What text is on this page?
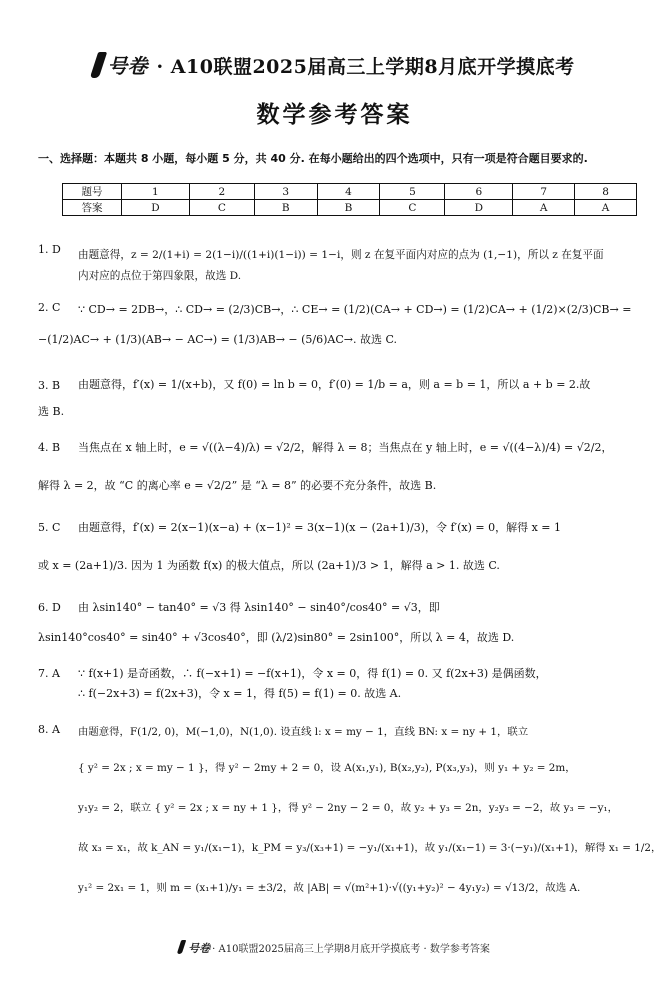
号卷 · A10联盟2025届高三上学期8月底开学摸底考
数学参考答案
一、选择题：本题共 8 小题，每小题 5 分，共 40 分. 在每小题给出的四个选项中，只有一项是符合题目要求的.
题号	1	2	3	4	5	6	7	8
答案	D	C	B	B	C	D	A	A
1. D 由题意得，z = 2/(1+i) = 2(1−i)/((1+i)(1−i)) = 1−i，则 z 在复平面内对应的点为 (1,−1)，所以 z 在复平面
内对应的点位于第四象限，故选 D.
2. C ∵ CD→ = 2DB→，∴ CD→ = (2/3)CB→，∴ CE→ = (1/2)(CA→ + CD→) = (1/2)CA→ + (1/2)×(2/3)CB→ =
−(1/2)AC→ + (1/3)(AB→ − AC→) = (1/3)AB→ − (5/6)AC→. 故选 C.
3. B 由题意得，f′(x) = 1/(x+b)，又 f(0) = ln b = 0，f′(0) = 1/b = a，则 a = b = 1，所以 a + b = 2.故
选 B.
4. B 当焦点在 x 轴上时，e = √((λ−4)/λ) = √2/2，解得 λ = 8；当焦点在 y 轴上时，e = √((4−λ)/4) = √2/2，
解得 λ = 2，故 “C 的离心率 e = √2/2” 是 “λ = 8” 的必要不充分条件，故选 B.
5. C 由题意得，f′(x) = 2(x−1)(x−a) + (x−1)² = 3(x−1)(x − (2a+1)/3)，令 f′(x) = 0，解得 x = 1
或 x = (2a+1)/3. 因为 1 为函数 f(x) 的极大值点，所以 (2a+1)/3 > 1，解得 a > 1. 故选 C.
6. D 由 λsin140° − tan40° = √3 得 λsin140° − sin40°/cos40° = √3，即
λsin140°cos40° = sin40° + √3cos40°，即 (λ/2)sin80° = 2sin100°，所以 λ = 4，故选 D.
7. A ∵ f(x+1) 是奇函数，∴ f(−x+1) = −f(x+1)，令 x = 0，得 f(1) = 0. 又 f(2x+3) 是偶函数，
∴ f(−2x+3) = f(2x+3)，令 x = 1，得 f(5) = f(1) = 0. 故选 A.
8. A 由题意得，F(1/2, 0)，M(−1,0)，N(1,0). 设直线 l: x = my − 1，直线 BN: x = ny + 1，联立
{ y² = 2x ; x = my − 1 }，得 y² − 2my + 2 = 0，设 A(x₁,y₁), B(x₂,y₂), P(x₃,y₃)，则 y₁ + y₂ = 2m，
y₁y₂ = 2，联立 { y² = 2x ; x = ny + 1 }，得 y² − 2ny − 2 = 0，故 y₂ + y₃ = 2n，y₂y₃ = −2，故 y₃ = −y₁，
故 x₃ = x₁，故 k_AN = y₁/(x₁−1)，k_PM = y₃/(x₃+1) = −y₁/(x₁+1)，故 y₁/(x₁−1) = 3·(−y₁)/(x₁+1)，解得 x₁ = 1/2，
y₁² = 2x₁ = 1，则 m = (x₁+1)/y₁ = ±3/2，故 |AB| = √(m²+1)·√((y₁+y₂)² − 4y₁y₂) = √13/2，故选 A.
号卷 · A10联盟2025届高三上学期8月底开学摸底考 · 数学参考答案
